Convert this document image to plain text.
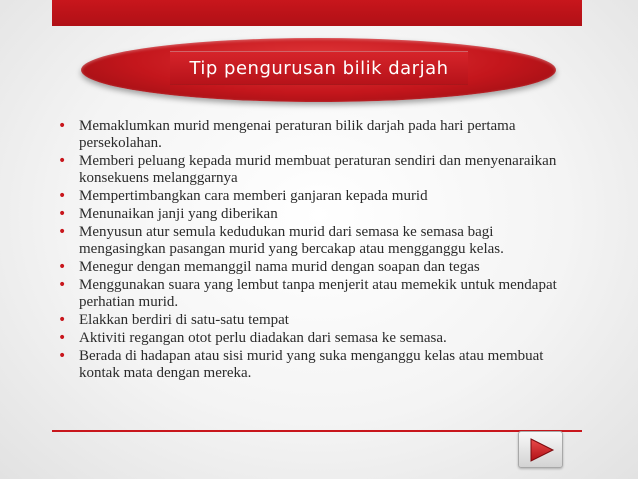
Tip pengurusan bilik darjah
• Memaklumkan murid mengenai peraturan bilik darjah pada hari pertama persekolahan.
• Memberi peluang kepada murid membuat peraturan sendiri dan menyenaraikan konsekuens melanggarnya
• Mempertimbangkan cara memberi ganjaran kepada murid
• Menunaikan janji yang diberikan
• Menyusun atur semula kedudukan murid dari semasa ke semasa bagi mengasingkan pasangan murid yang bercakap atau mengganggu kelas.
• Menegur dengan memanggil nama murid dengan soapan dan tegas
• Menggunakan suara yang lembut tanpa menjerit atau memekik untuk mendapat perhatian murid.
• Elakkan berdiri di satu-satu tempat
• Aktiviti regangan otot perlu diadakan dari semasa ke semasa.
• Berada di hadapan atau sisi murid yang suka menganggu kelas atau membuat kontak mata dengan mereka.
